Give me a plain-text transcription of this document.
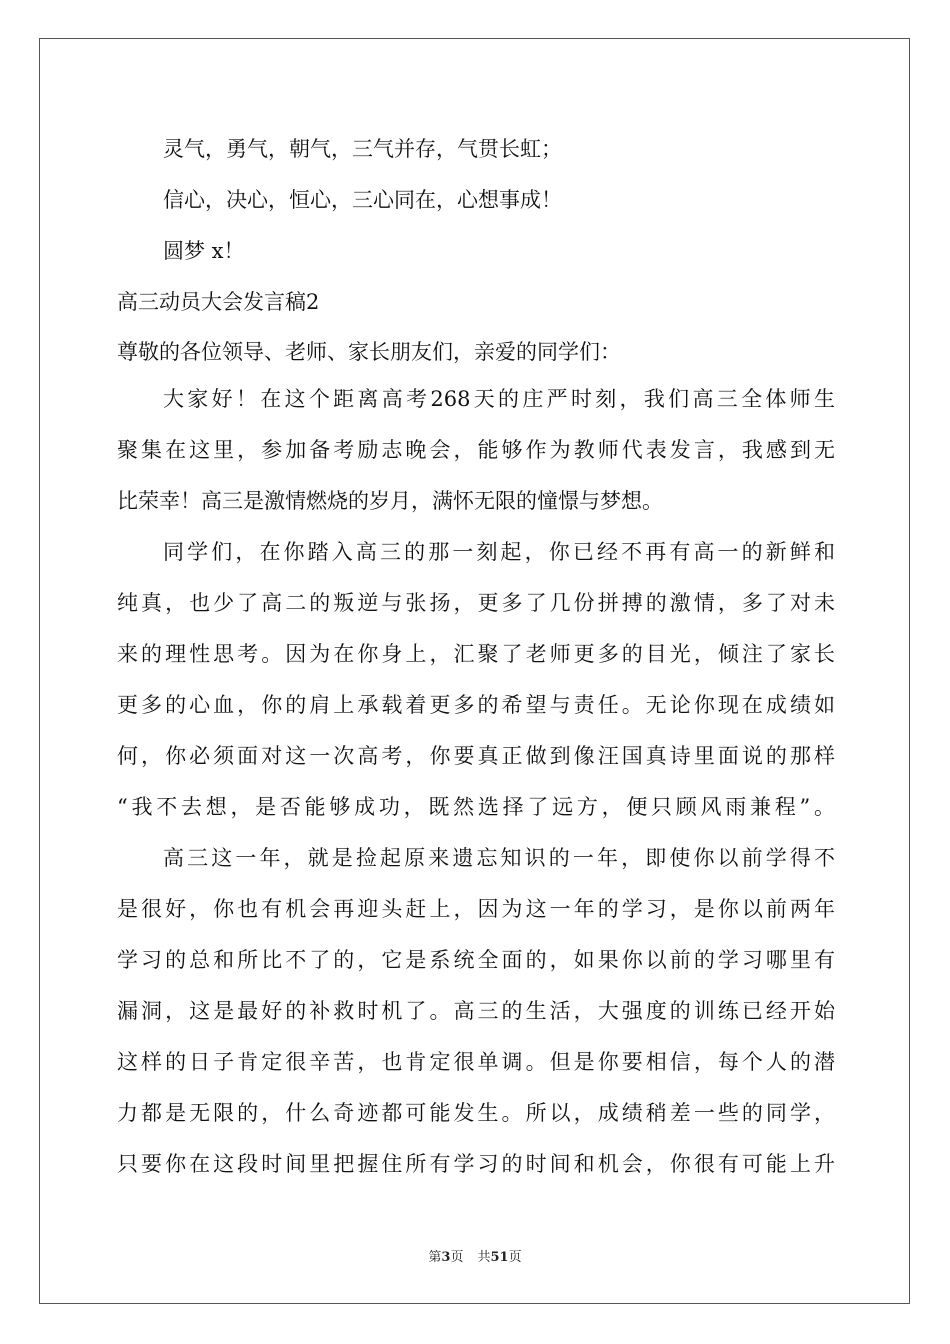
灵气，勇气，朝气，三气并存，气贯长虹；
信心，决心，恒心，三心同在，心想事成！
圆梦 x！
高三动员大会发言稿2
尊敬的各位领导、老师、家长朋友们，亲爱的同学们：
大家好！在这个距离高考268天的庄严时刻，我们高三全体师生
聚集在这里，参加备考励志晚会，能够作为教师代表发言，我感到无
比荣幸！高三是激情燃烧的岁月，满怀无限的憧憬与梦想。
同学们，在你踏入高三的那一刻起，你已经不再有高一的新鲜和
纯真，也少了高二的叛逆与张扬，更多了几份拼搏的激情，多了对未
来的理性思考。因为在你身上，汇聚了老师更多的目光，倾注了家长
更多的心血，你的肩上承载着更多的希望与责任。无论你现在成绩如
何，你必须面对这一次高考，你要真正做到像汪国真诗里面说的那样
“我不去想，是否能够成功，既然选择了远方，便只顾风雨兼程”。
高三这一年，就是捡起原来遗忘知识的一年，即使你以前学得不
是很好，你也有机会再迎头赶上，因为这一年的学习，是你以前两年
学习的总和所比不了的，它是系统全面的，如果你以前的学习哪里有
漏洞，这是最好的补救时机了。高三的生活，大强度的训练已经开始
这样的日子肯定很辛苦，也肯定很单调。但是你要相信，每个人的潜
力都是无限的，什么奇迹都可能发生。所以，成绩稍差一些的同学，
只要你在这段时间里把握住所有学习的时间和机会，你很有可能上升
第3页 共51页
